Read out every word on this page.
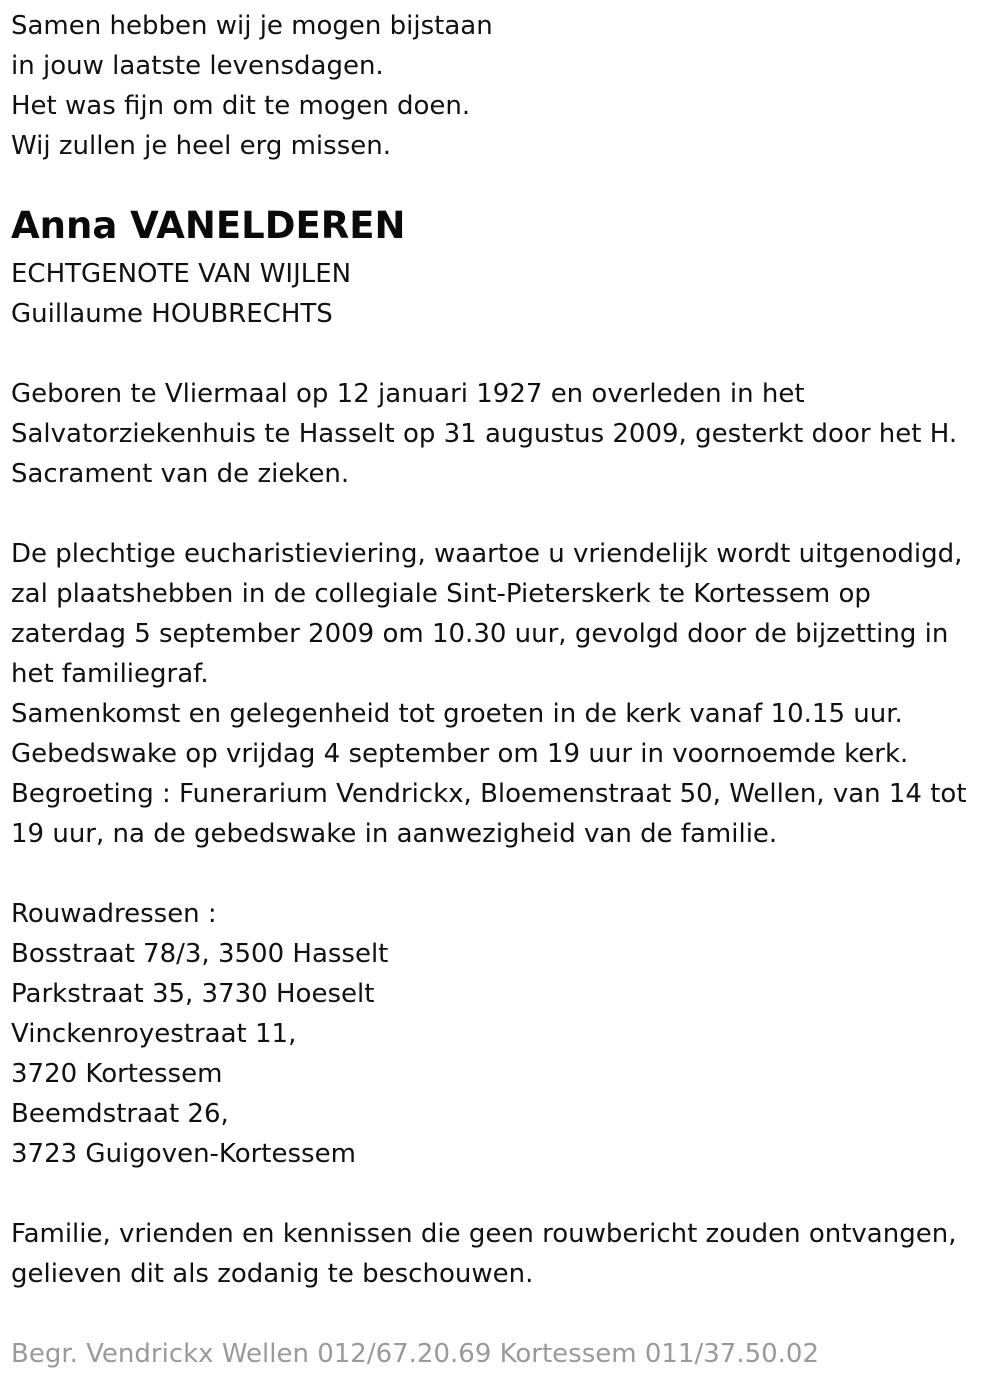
Samen hebben wij je mogen bijstaan
in jouw laatste levensdagen.
Het was fijn om dit te mogen doen.
Wij zullen je heel erg missen.
Anna VANELDEREN
ECHTGENOTE VAN WIJLEN
Guillaume HOUBRECHTS
Geboren te Vliermaal op 12 januari 1927 en overleden in het
Salvatorziekenhuis te Hasselt op 31 augustus 2009, gesterkt door het H.
Sacrament van de zieken.
De plechtige eucharistieviering, waartoe u vriendelijk wordt uitgenodigd,
zal plaatshebben in de collegiale Sint-Pieterskerk te Kortessem op
zaterdag 5 september 2009 om 10.30 uur, gevolgd door de bijzetting in
het familiegraf.
Samenkomst en gelegenheid tot groeten in de kerk vanaf 10.15 uur.
Gebedswake op vrijdag 4 september om 19 uur in voornoemde kerk.
Begroeting : Funerarium Vendrickx, Bloemenstraat 50, Wellen, van 14 tot
19 uur, na de gebedswake in aanwezigheid van de familie.
Rouwadressen :
Bosstraat 78/3, 3500 Hasselt
Parkstraat 35, 3730 Hoeselt
Vinckenroyestraat 11,
3720 Kortessem
Beemdstraat 26,
3723 Guigoven-Kortessem
Familie, vrienden en kennissen die geen rouwbericht zouden ontvangen,
gelieven dit als zodanig te beschouwen.
Begr. Vendrickx Wellen 012/67.20.69 Kortessem 011/37.50.02
